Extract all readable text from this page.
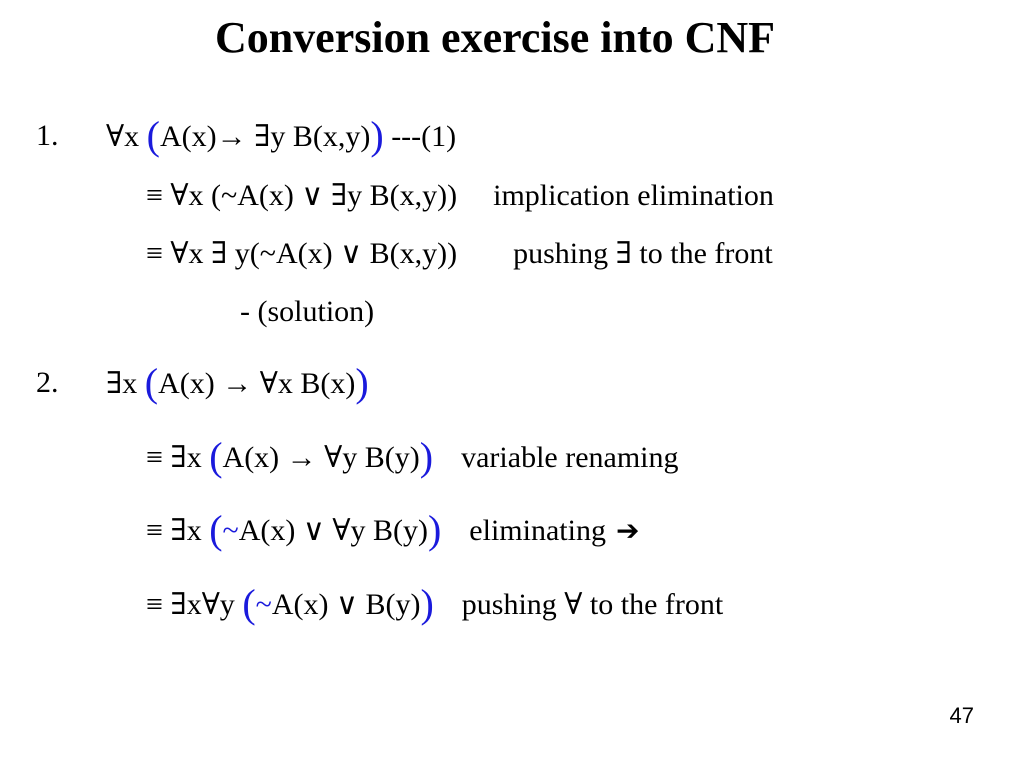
Conversion exercise into CNF
1. ∀x (A(x)→ ∃y B(x,y)) ---(1)
≡ ∀x (~A(x) ∨ ∃y B(x,y)) implication elimination
≡ ∀x ∃ y(~A(x) ∨ B(x,y)) pushing ∃ to the front
- (solution)
2. ∃x (A(x) → ∀x B(x))
≡ ∃x (A(x) → ∀y B(y)) variable renaming
≡ ∃x (~A(x) ∨ ∀y B(y)) eliminating ➔
≡ ∃x∀y (~A(x) ∨ B(y)) pushing ∀ to the front
47
